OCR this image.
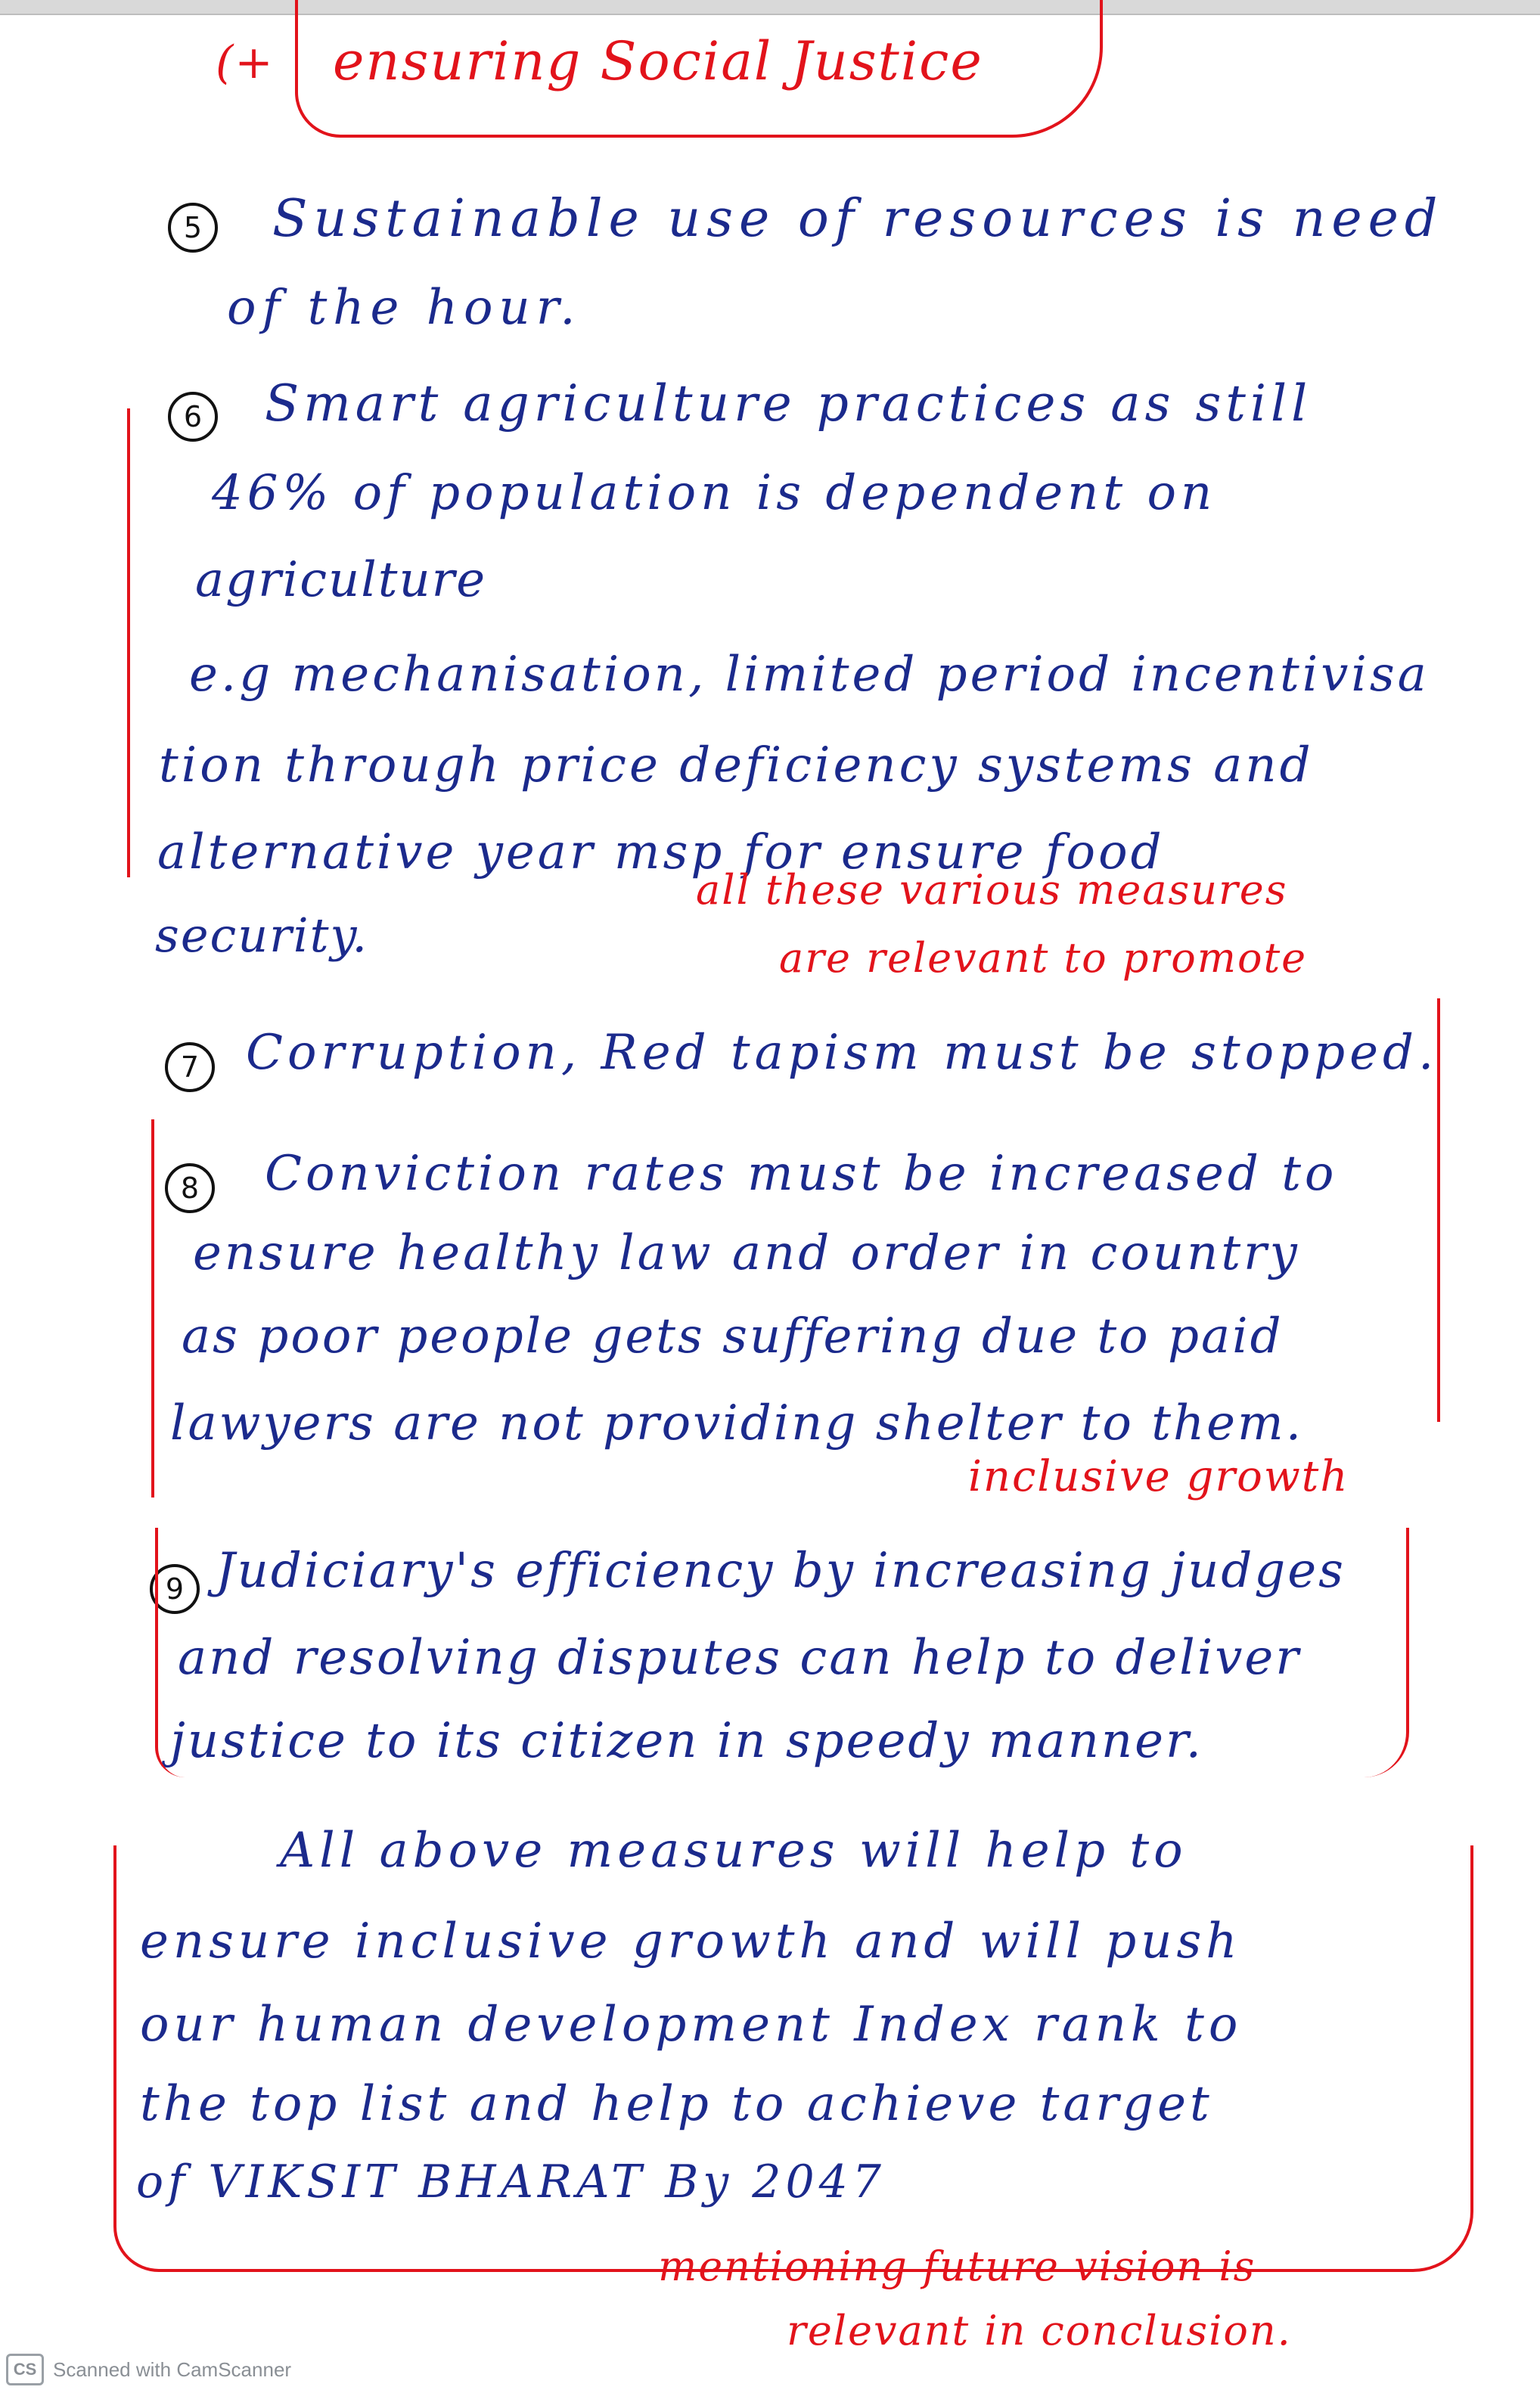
(+ ensuring Social Justice
5	Sustainable use of resources is need
of the hour.
6	Smart agriculture practices as still
46% of population is dependent on
agriculture
e.g mechanisation, limited period incentivisa
tion through price deficiency systems and
alternative year msp for ensure food
security.
all these various measures
are relevant to promote
7 Corruption, Red tapism must be stopped.
8	Conviction rates must be increased to
ensure healthy law and order in country
as poor people gets suffering due to paid
lawyers are not providing shelter to them.
inclusive growth
9 Judiciary's efficiency by increasing judges
and resolving disputes can help to deliver
justice to its citizen in speedy manner.
All above measures will help to
ensure inclusive growth and will push
our human development Index rank to
the top list and help to achieve target
of VIKSIT BHARAT By 2047
mentioning future vision is
relevant in conclusion.
CS Scanned with CamScanner
